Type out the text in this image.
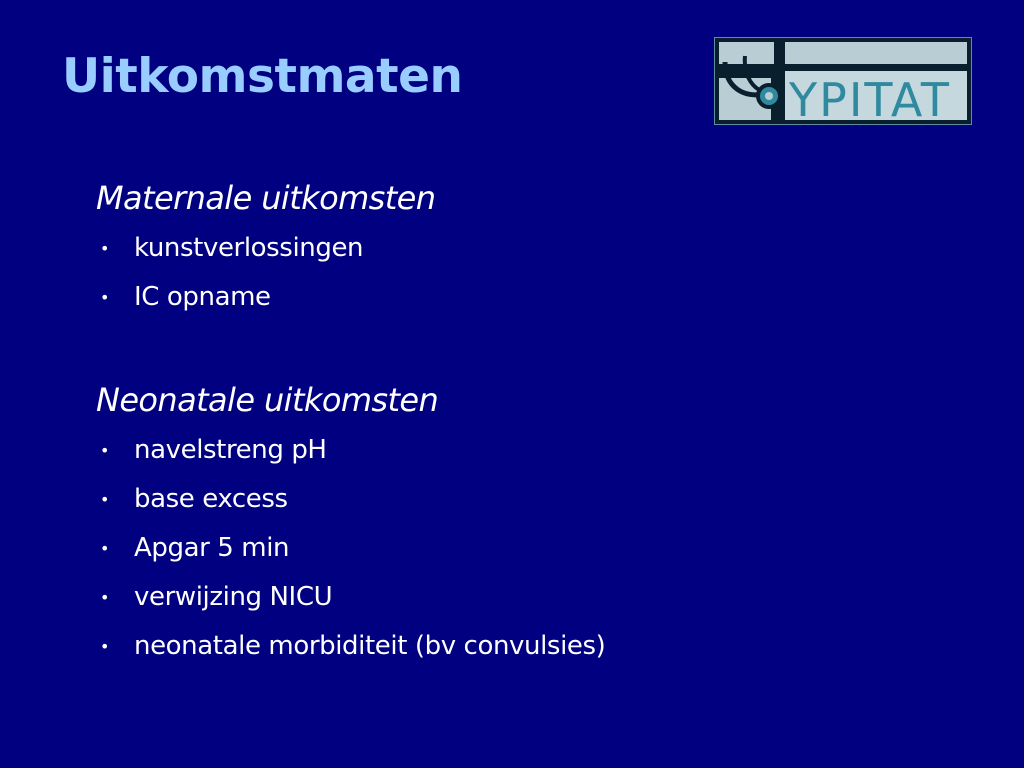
Uitkomstmaten	YPITAT
Maternale uitkomsten
• kunstverlossingen
• IC opname
Neonatale uitkomsten
• navelstreng pH
• base excess
• Apgar 5 min
• verwijzing NICU
• neonatale morbiditeit (bv convulsies)
